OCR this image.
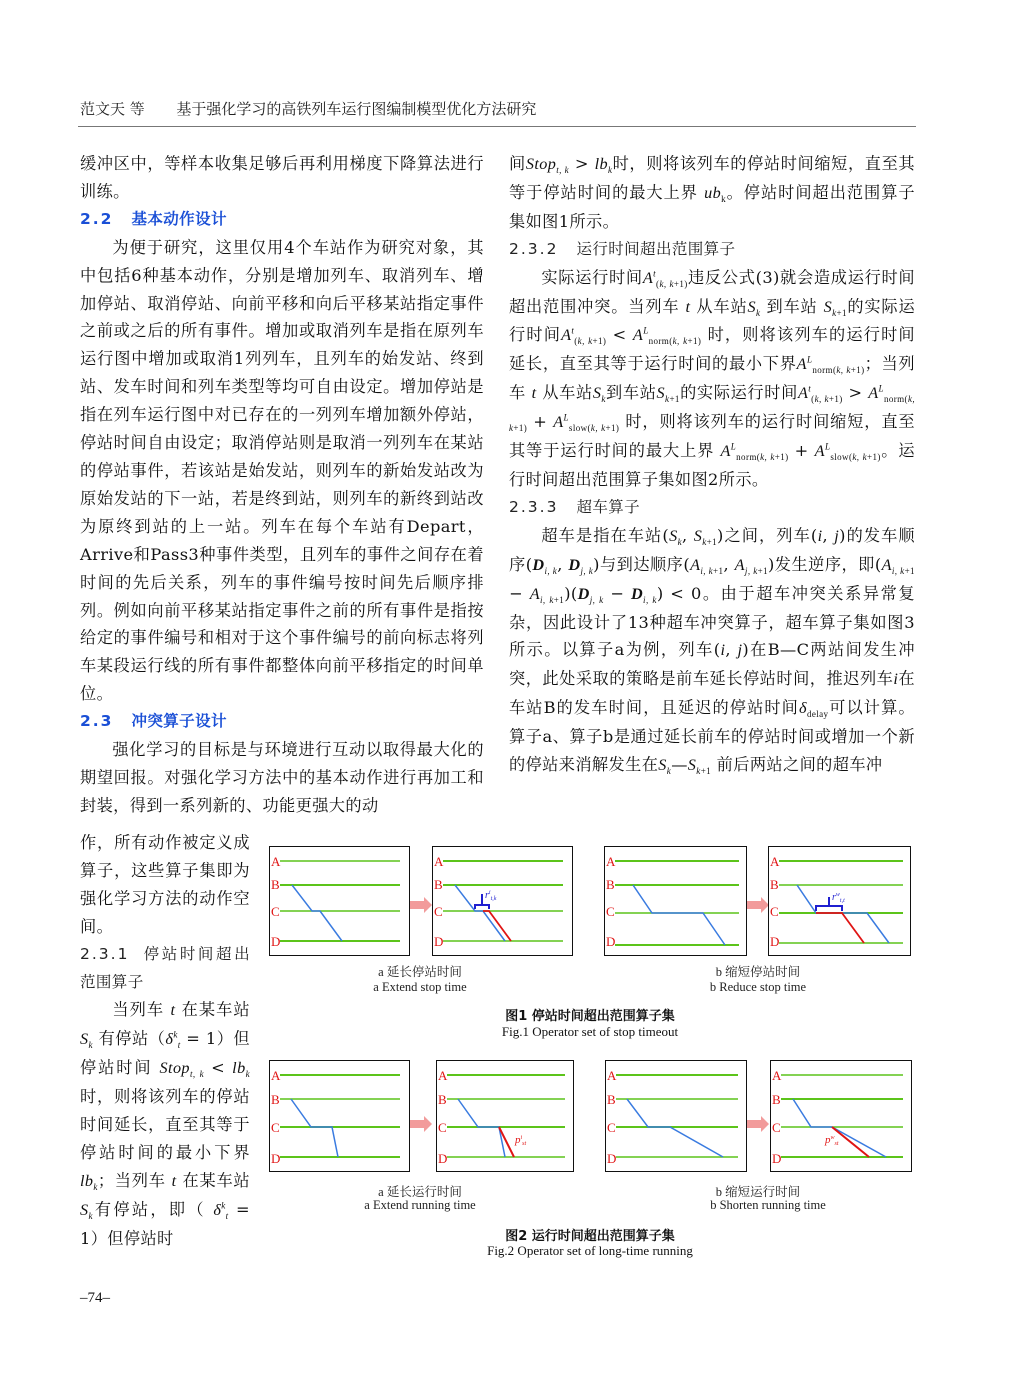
范文天 等 基于强化学习的高铁列车运行图编制模型优化方法研究

缓冲区中，等样本收集足够后再利用梯度下降算法进行训练。

2.2 基本动作设计

为便于研究，这里仅用4个车站作为研究对象，其中包括6种基本动作，分别是增加列车、取消列车、增加停站、取消停站、向前平移和向后平移某站指定事件之前或之后的所有事件。增加或取消列车是指在原列车运行图中增加或取消1列列车，且列车的始发站、终到站、发车时间和列车类型等均可自由设定。增加停站是指在列车运行图中对已存在的一列列车增加额外停站，停站时间自由设定；取消停站则是取消一列列车在某站的停站事件，若该站是始发站，则列车的新始发站改为原始发站的下一站，若是终到站，则列车的新终到站改为原终到站的上一站。列车在每个车站有Depart，Arrive和Pass3种事件类型，且列车的事件之间存在着时间的先后关系，列车的事件编号按时间先后顺序排列。例如向前平移某站指定事件之前的所有事件是指按给定的事件编号和相对于这个事件编号的前向标志将列车某段运行线的所有事件都整体向前平移指定的时间单位。

2.3 冲突算子设计

强化学习的目标是与环境进行互动以取得最大化的期望回报。对强化学习方法中的基本动作进行再加工和封装，得到一系列新的、功能更强大的动

作，所有动作被定义成算子，这些算子集即为强化学习方法的动作空间。

2.3.1 停站时间超出范围算子

当列车 t 在某车站 $S_k$ 有停站$(\delta^k_t = 1)$但停站时间 Stop$_{t, k}$ < $lb_k$时，则将该列车的停站时间延长，直至其等于停站时间的最小下界 $lb_k$；当列车 t 在某车站$S_k$有停站，即（ $\delta^k_t = 1$）但停站时

间Stop$_{t, k}$ > $lb_k$时，则将该列车的停站时间缩短，直至其等于停站时间的最大上界 $ub_k$。停站时间超出范围算子集如图1所示。

2.3.2 运行时间超出范围算子

实际运行时间$A^t_{(k, k+1)}$违反公式(3)就会造成运行时间超出范围冲突。当列车 t 从车站$S_k$ 到车站 $S_{k+1}$的实际运行时间$A^t_{(k, k+1)} < A^L_{norm(k, k+1)}$ 时，则将该列车的运行时间延长，直至其等于运行时间的最小下界$A^L_{norm(k, k+1)}$；当列车 t 从车站$S_k$到车站$S_{k+1}$的实际运行时间$A^t_{(k, k+1)} > A^L_{norm(k, k+1)} + A^L_{slow(k, k+1)}$ 时，则将该列车的运行时间缩短，直至其等于运行时间的最大上界 $A^L_{norm(k, k+1)} + A^L_{slow(k, k+1)}$。运行时间超出范围算子集如图2所示。

2.3.3 超车算子

超车是指在车站($S_k$, $S_{k+1}$)之间，列车(i, j)的发车顺序($D_{i, k}$, $D_{j, k}$)与到达顺序($A_{i, k+1}$, $A_{j, k+1}$)发生逆序，即$(A_{i, k+1} - A_{i, k+1})(D_{j, k} - D_{i, k}) < 0$。由于超车冲突关系异常复杂，因此设计了13种超车冲突算子，超车算子集如图3所示。以算子a为例，列车(i, j)在B—C两站间发生冲突，此处采取的策略是前车延长停站时间，推迟列车i在车站B的发车时间，且延迟的停站时间$\delta_{delay}$可以计算。算子a、算子b是通过延长前车的停站时间或增加一个新的停站来消解发生在$S_k—S_{k+1}$ 前后两站之间的超车冲

A
B
C
D
A
B
C
D
$r^i_{t,k}$
A
B
C
D
A
B
C
D
$r^w_{t,t}$
a 延长停站时间
a Extend stop time
b 缩短停站时间
b Reduce stop time
图1 停站时间超出范围算子集
Fig.1 Operator set of stop timeout
A
B
C
D
A
B
C
D
$p^i_{st}$
A
B
C
D
A
B
C
D
$p^w_{st}$
a 延长运行时间
a Extend running time
b 缩短运行时间
b Shorten running time
图2 运行时间超出范围算子集
Fig.2 Operator set of long-time running
–74–
